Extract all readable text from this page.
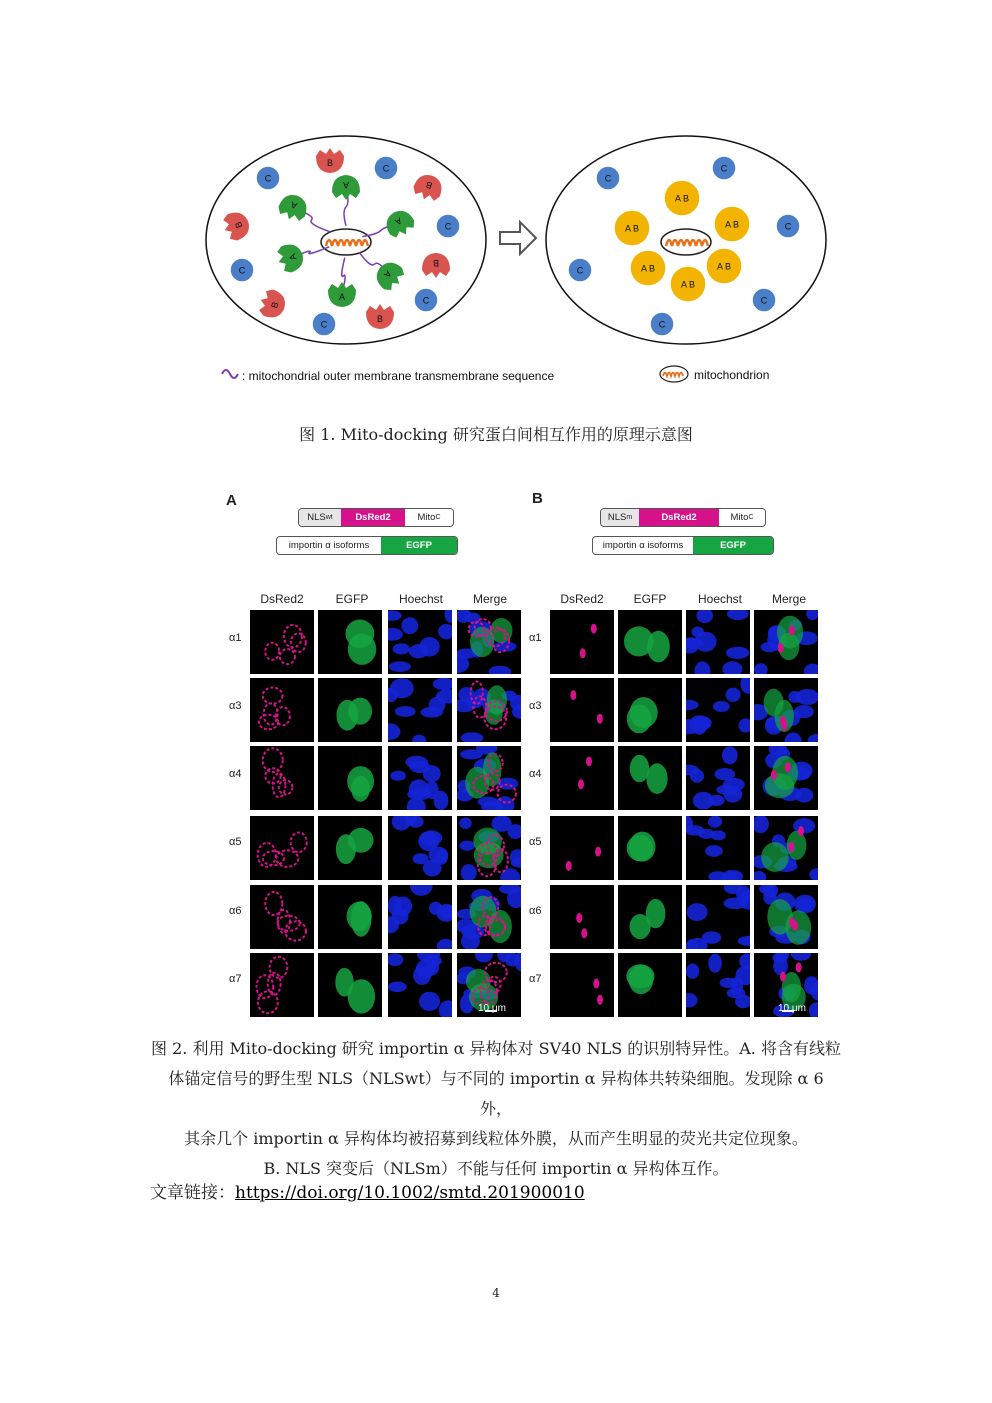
A
A
A
A
A
A
B
B
B
B
B
B
C
C
C
C
C
C
A B
A B
A B
A B
A B
A B
C
C
C
C
C
C
: mitochondrial outer membrane transmembrane sequence	mitochondrion
图 1. Mito-docking 研究蛋白间相互作用的原理示意图
A	B
NLS wt	DsRed2	Mito C
importin α isoforms	EGFP
NLS m	DsRed2	Mito C
importin α isoforms	EGFP
DsRed2	EGFP	Hoechst	Merge	DsRed2	EGFP	Hoechst	Merge
α1
α3
α4
α5
α6
α7
α1
α3
α4
α5
α6
α7
10 μm	10 μm
图 2. 利用 Mito-docking 研究 importin α 异构体对 SV40 NLS 的识别特异性。A. 将含有线粒
体锚定信号的野生型 NLS（NLSwt）与不同的 importin α 异构体共转染细胞。发现除 α 6 外，
其余几个 importin α 异构体均被招募到线粒体外膜，从而产生明显的荧光共定位现象。
B. NLS 突变后（NLSm）不能与任何 importin α 异构体互作。
文章链接：https://doi.org/10.1002/smtd.201900010
4
